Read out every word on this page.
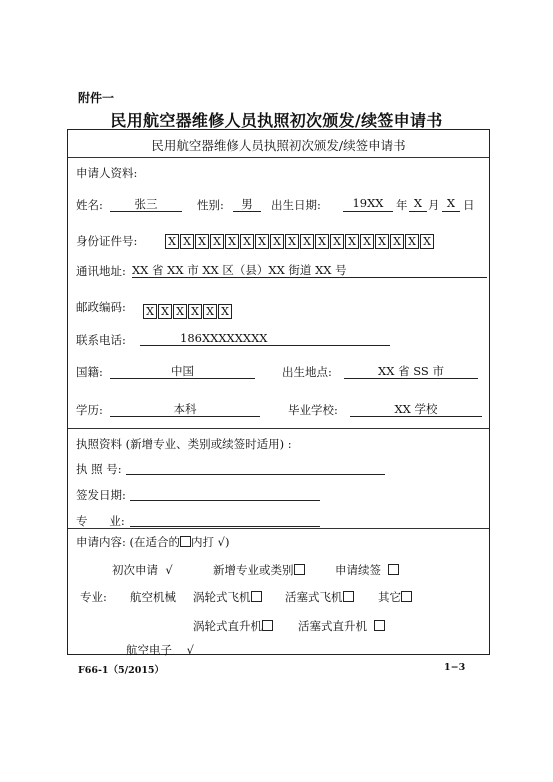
附件一
民用航空器维修人员执照初次颁发/续签申请书
民用航空器维修人员执照初次颁发/续签申请书
申请人资料:
姓名:	张三	性别:	男	出生日期:	19XX	年 X 月 X 日
身份证件号:	X X X X X X X X X X X X X X X X X X
通讯地址: XX 省 XX 市 XX 区（县）XX 街道 XX 号
邮政编码: X X X X X X
联系电话:	186XXXXXXXX
国籍:	中国	出生地点:	XX 省 SS 市
学历:	本科	毕业学校:	XX 学校
执照资料 (新增专业、类别或续签时适用) :
执 照 号:
签发日期:
专      业:
申请内容: (在适合的 内打 √)
初次申请 √	新增专业或类别	申请续签
专业: 航空机械 涡轮式飞机	活塞式飞机	其它
涡轮式直升机	活塞式直升机
航空电子 √
F66-1（5/2015）	1−3
